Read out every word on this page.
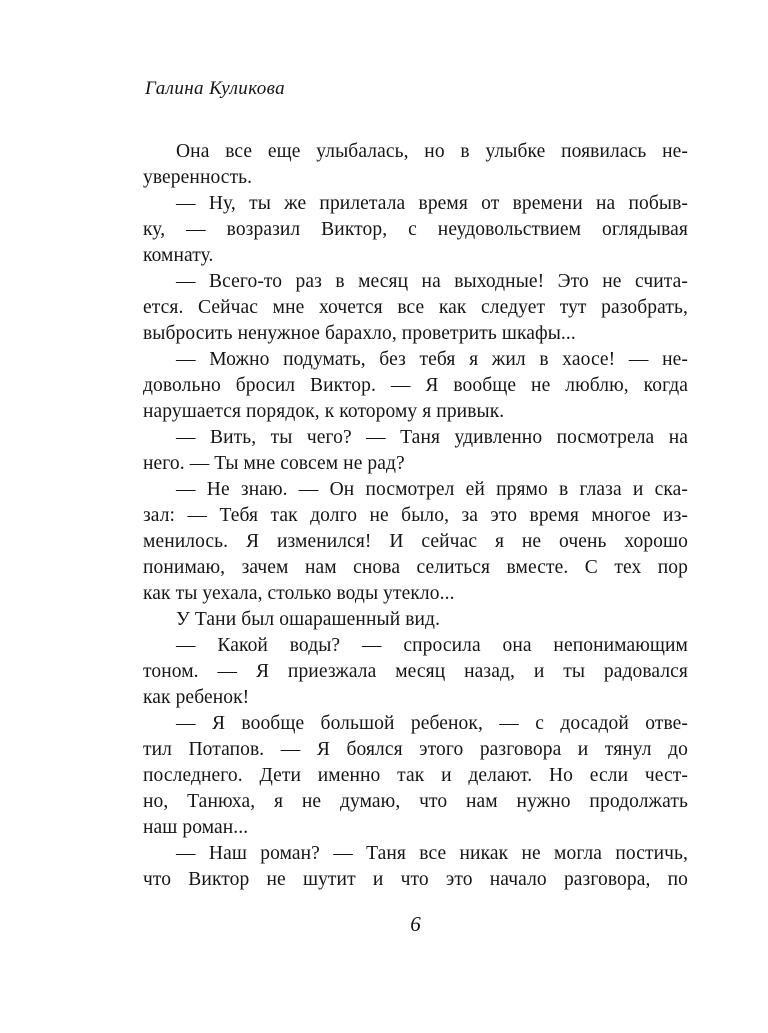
Галина Куликова
Она все еще улыбалась, но в улыбке появилась не-
уверенность.
— Ну, ты же прилетала время от времени на побыв-
ку, — возразил Виктор, с неудовольствием оглядывая
комнату.
— Всего-то раз в месяц на выходные! Это не счита-
ется. Сейчас мне хочется все как следует тут разобрать,
выбросить ненужное барахло, проветрить шкафы...
— Можно подумать, без тебя я жил в хаосе! — не-
довольно бросил Виктор. — Я вообще не люблю, когда
нарушается порядок, к которому я привык.
— Вить, ты чего? — Таня удивленно посмотрела на
него. — Ты мне совсем не рад?
— Не знаю. — Он посмотрел ей прямо в глаза и ска-
зал: — Тебя так долго не было, за это время многое из-
менилось. Я изменился! И сейчас я не очень хорошо
понимаю, зачем нам снова селиться вместе. С тех пор
как ты уехала, столько воды утекло...
У Тани был ошарашенный вид.
— Какой воды? — спросила она непонимающим
тоном. — Я приезжала месяц назад, и ты радовался
как ребенок!
— Я вообще большой ребенок, — с досадой отве-
тил Потапов. — Я боялся этого разговора и тянул до
последнего. Дети именно так и делают. Но если чест-
но, Танюха, я не думаю, что нам нужно продолжать
наш роман...
— Наш роман? — Таня все никак не могла постичь,
что Виктор не шутит и что это начало разговора, по
6
